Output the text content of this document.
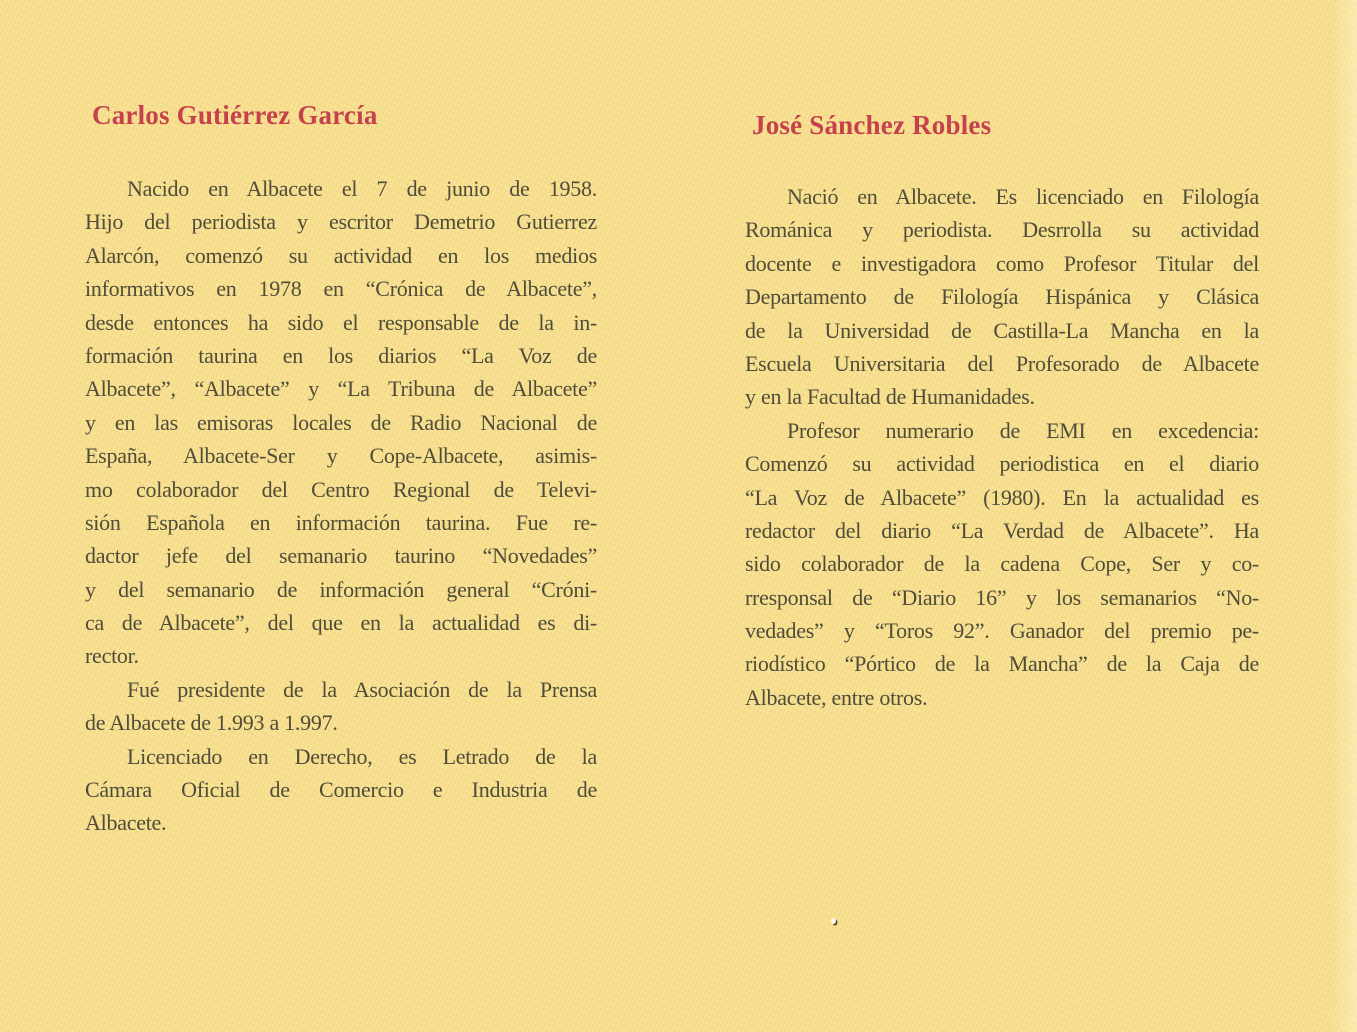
Carlos Gutiérrez García
Nacido en Albacete el 7 de junio de 1958.
Hijo del periodista y escritor Demetrio Gutierrez
Alarcón, comenzó su actividad en los medios
informativos en 1978 en “Crónica de Albacete”,
desde entonces ha sido el responsable de la in-
formación taurina en los diarios “La Voz de
Albacete”, “Albacete” y “La Tribuna de Albacete”
y en las emisoras locales de Radio Nacional de
España, Albacete-Ser y Cope-Albacete, asimis-
mo colaborador del Centro Regional de Televi-
sión Española en información taurina. Fue re-
dactor jefe del semanario taurino “Novedades”
y del semanario de información general “Cróni-
ca de Albacete”, del que en la actualidad es di-
rector.
Fué presidente de la Asociación de la Prensa
de Albacete de 1.993 a 1.997.
Licenciado en Derecho, es Letrado de la
Cámara Oficial de Comercio e Industria de
Albacete.
José Sánchez Robles
Nació en Albacete. Es licenciado en Filología
Románica y periodista. Desrrolla su actividad
docente e investigadora como Profesor Titular del
Departamento de Filología Hispánica y Clásica
de la Universidad de Castilla-La Mancha en la
Escuela Universitaria del Profesorado de Albacete
y en la Facultad de Humanidades.
Profesor numerario de EMI en excedencia:
Comenzó su actividad periodistica en el diario
“La Voz de Albacete” (1980). En la actualidad es
redactor del diario “La Verdad de Albacete”. Ha
sido colaborador de la cadena Cope, Ser y co-
rresponsal de “Diario 16” y los semanarios “No-
vedades” y “Toros 92”. Ganador del premio pe-
riodístico “Pórtico de la Mancha” de la Caja de
Albacete, entre otros.
